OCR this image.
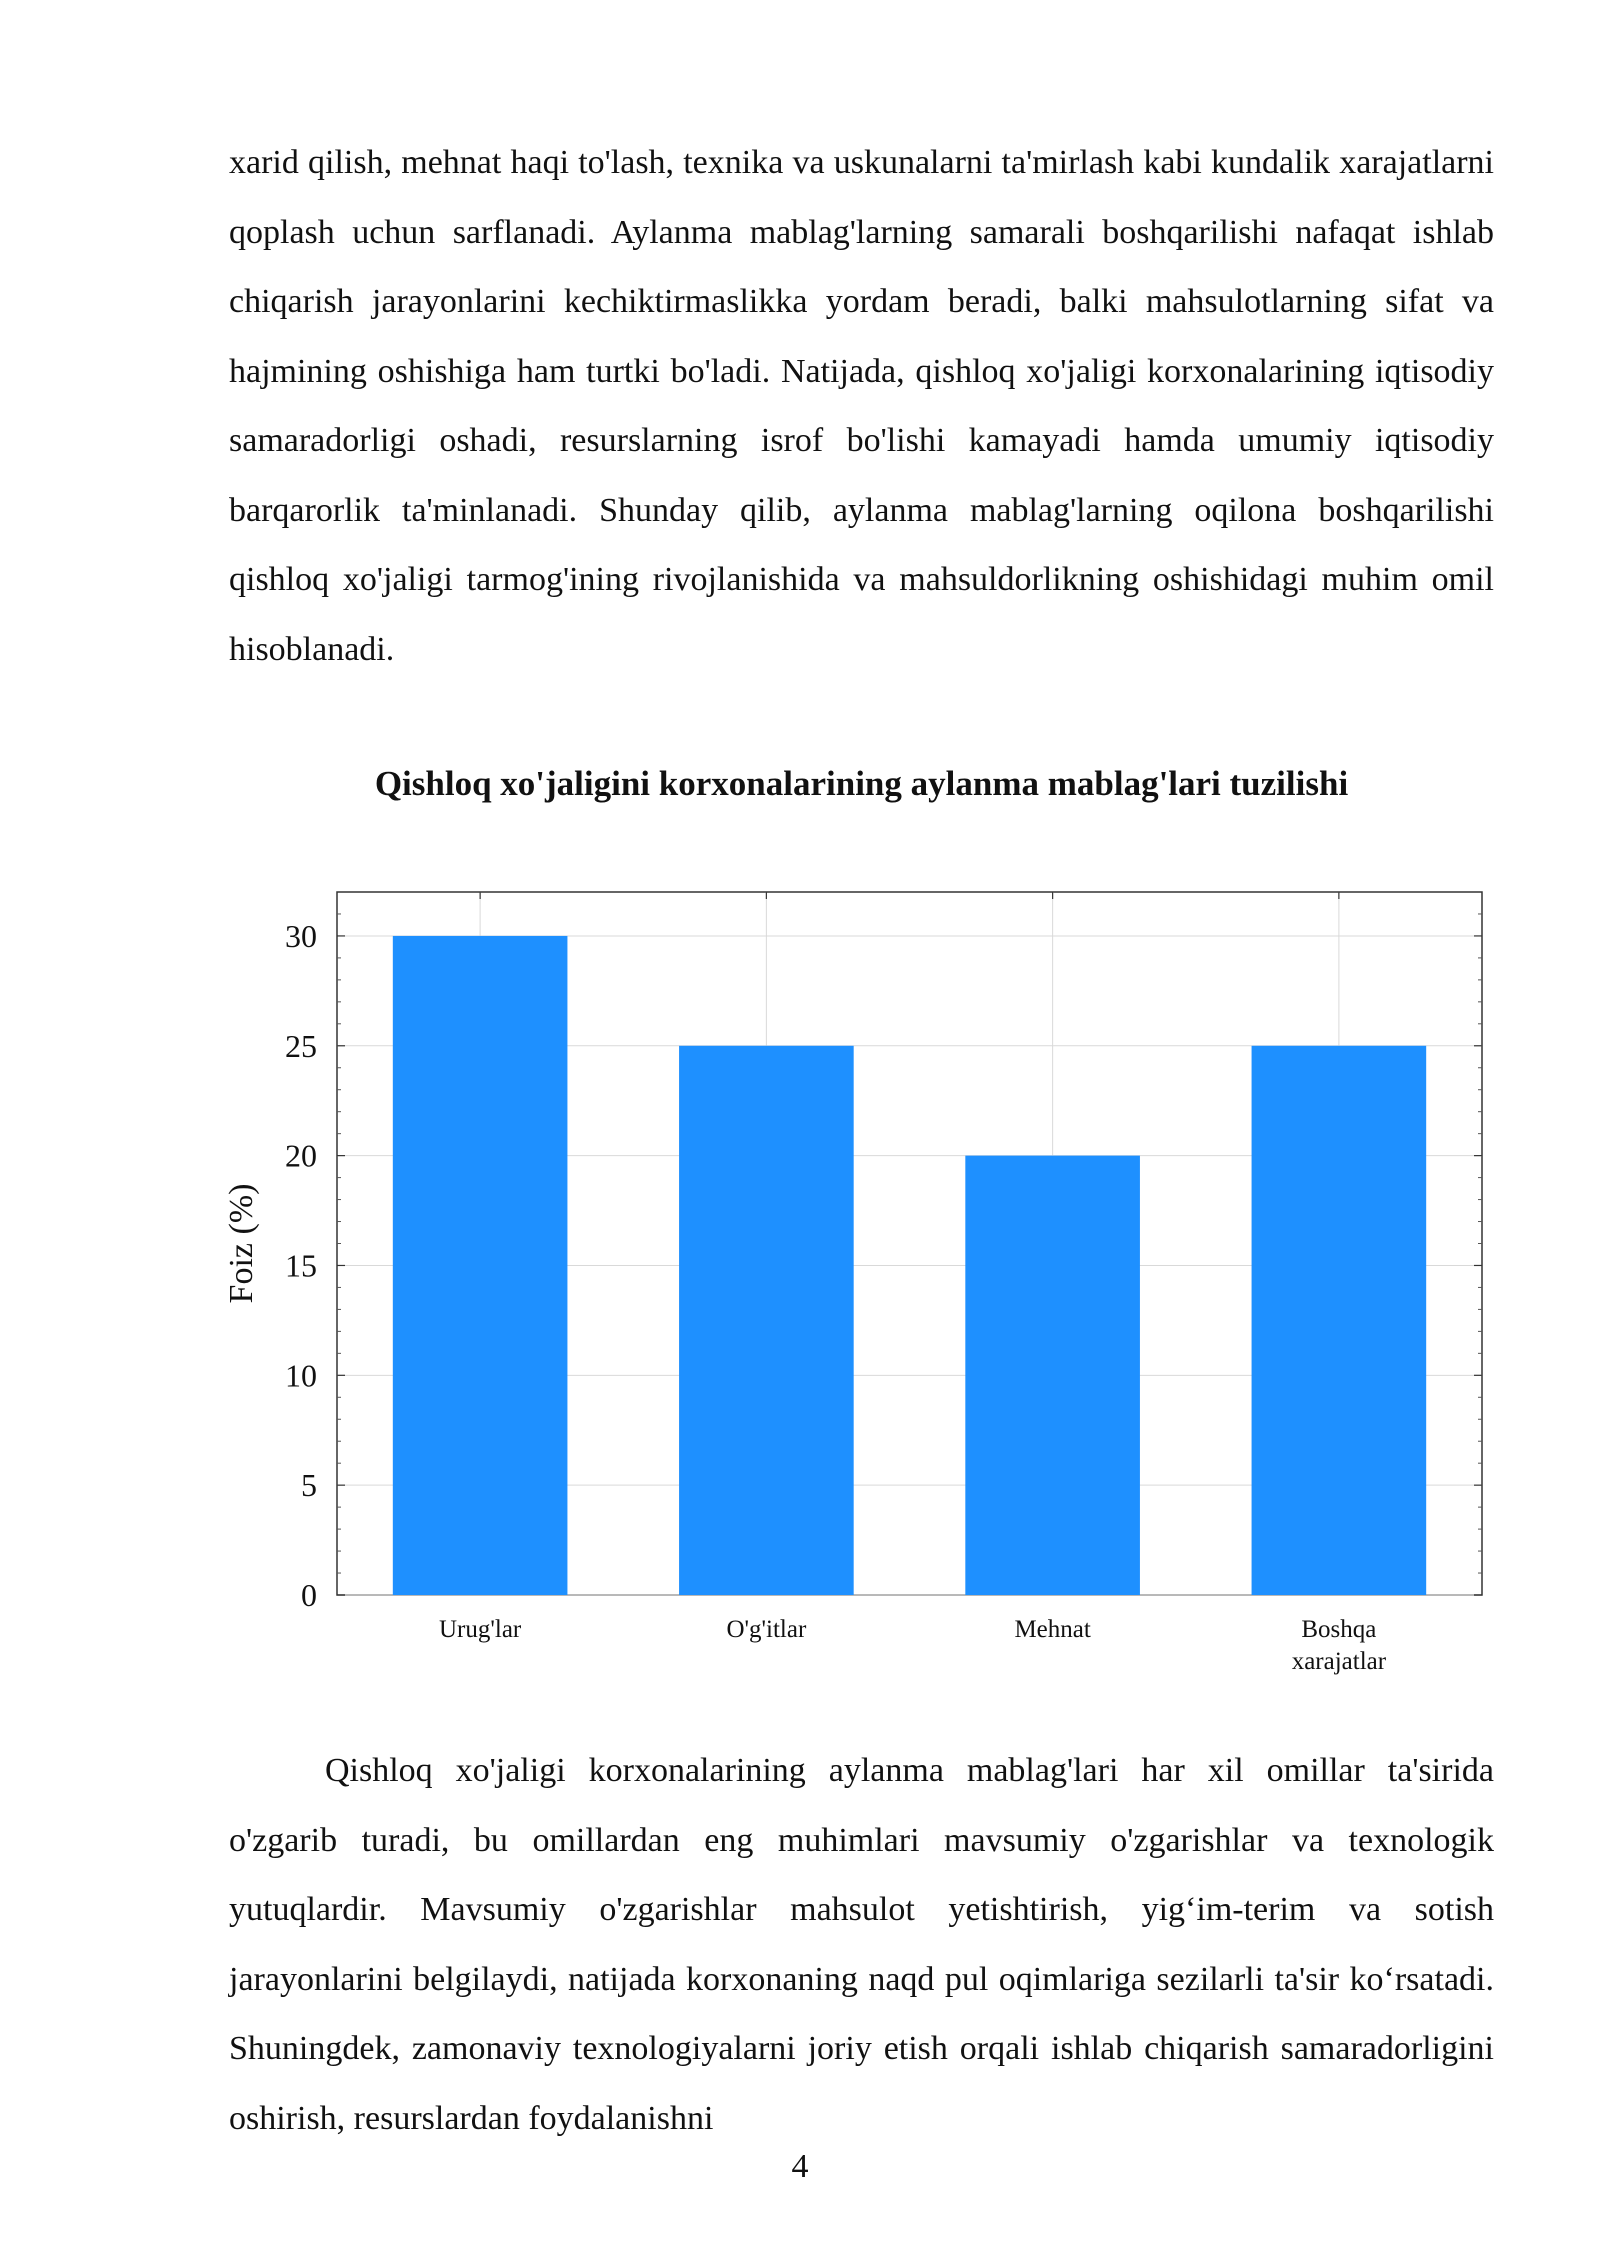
xarid qilish, mehnat haqi to'lash, texnika va uskunalarni ta'mirlash kabi kundalik xarajatlarni qoplash uchun sarflanadi. Aylanma mablag'larning samarali boshqarilishi nafaqat ishlab chiqarish jarayonlarini kechiktirmaslikka yordam beradi, balki mahsulotlarning sifat va hajmining oshishiga ham turtki bo'ladi. Natijada, qishloq xo'jaligi korxonalarining iqtisodiy samaradorligi oshadi, resurslarning isrof bo'lishi kamayadi hamda umumiy iqtisodiy barqarorlik ta'minlanadi. Shunday qilib, aylanma mablag'larning oqilona boshqarilishi qishloq xo'jaligi tarmog'ining rivojlanishida va mahsuldorlikning oshishidagi muhim omil hisoblanadi.

Qishloq xo'jaligini korxonalarining aylanma mablag'lari tuzilishi

0
5
10
15
20
25
30
Urug'lar	O'g'itlar	Mehnat	Boshqa xarajatlar
Foiz (%)

Qishloq xo'jaligi korxonalarining aylanma mablag'lari har xil omillar ta'sirida o'zgarib turadi, bu omillardan eng muhimlari mavsumiy o'zgarishlar va texnologik yutuqlardir. Mavsumiy o'zgarishlar mahsulot yetishtirish, yig‘im-terim va sotish jarayonlarini belgilaydi, natijada korxonaning naqd pul oqimlariga sezilarli ta'sir ko‘rsatadi. Shuningdek, zamonaviy texnologiyalarni joriy etish orqali ishlab chiqarish samaradorligini oshirish, resurslardan foydalanishni

4
